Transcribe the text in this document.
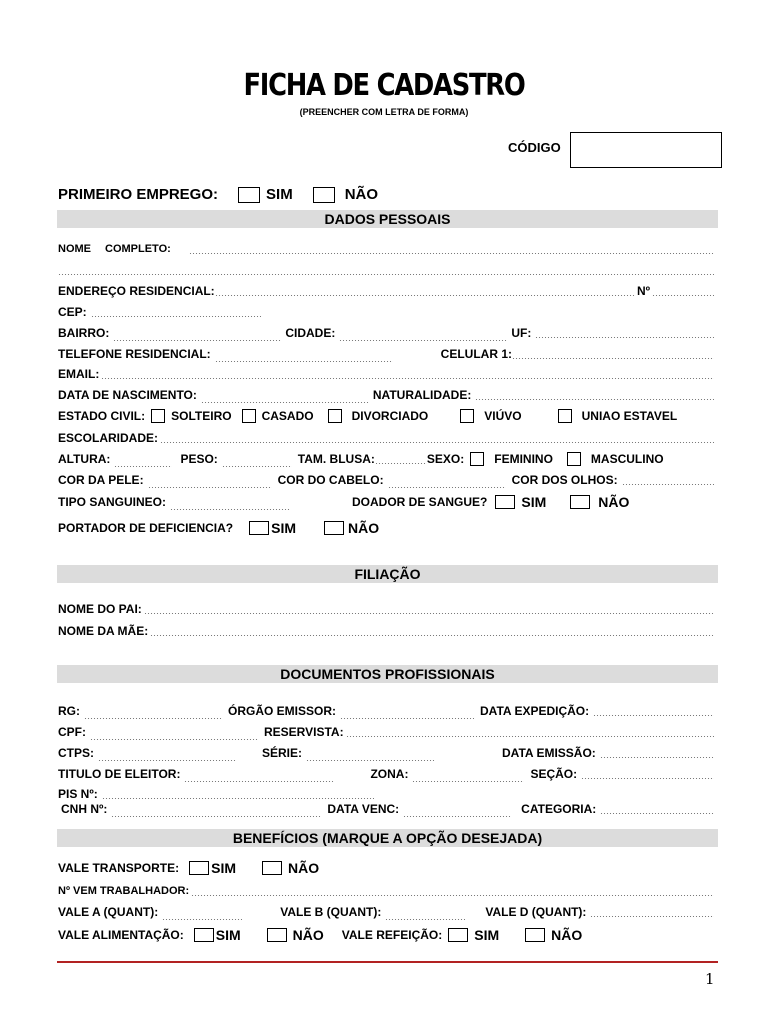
FICHA DE CADASTRO
(PREENCHER COM LETRA DE FORMA)
CÓDIGO
PRIMEIRO EMPREGO:	SIM	NÃO
DADOS PESSOAIS
NOME COMPLETO:
ENDEREÇO RESIDENCIAL:	Nº
CEP:
BAIRRO:	CIDADE:	UF:
TELEFONE RESIDENCIAL:	CELULAR 1:
EMAIL:
DATA DE NASCIMENTO:	NATURALIDADE:
ESTADO CIVIL: SOLTEIRO	CASADO	DIVORCIADO	VIÚVO	UNIAO ESTAVEL
ESCOLARIDADE:
ALTURA:	PESO:	TAM. BLUSA:	SEXO:	FEMININO	MASCULINO
COR DA PELE:	COR DO CABELO:	COR DOS OLHOS:
TIPO SANGUINEO:	DOADOR DE SANGUE? SIM	NÃO
PORTADOR DE DEFICIENCIA?	SIM	NÃO
FILIAÇÃO
NOME DO PAI:
NOME DA MÃE:
DOCUMENTOS PROFISSIONAIS
RG:	ÓRGÃO EMISSOR:	DATA EXPEDIÇÃO:
CPF:	RESERVISTA:
CTPS:	SÉRIE:	DATA EMISSÃO:
TITULO DE ELEITOR:	ZONA:	SEÇÃO:
PIS Nº:
CNH Nº:	DATA VENC:	CATEGORIA:
BENEFÍCIOS (MARQUE A OPÇÃO DESEJADA)
VALE TRANSPORTE: SIM	NÃO
Nº VEM TRABALHADOR:
VALE A (QUANT):	VALE B (QUANT):	VALE D (QUANT):
VALE ALIMENTAÇÃO: SIM	NÃO VALE REFEIÇÃO: SIM	NÃO
1
